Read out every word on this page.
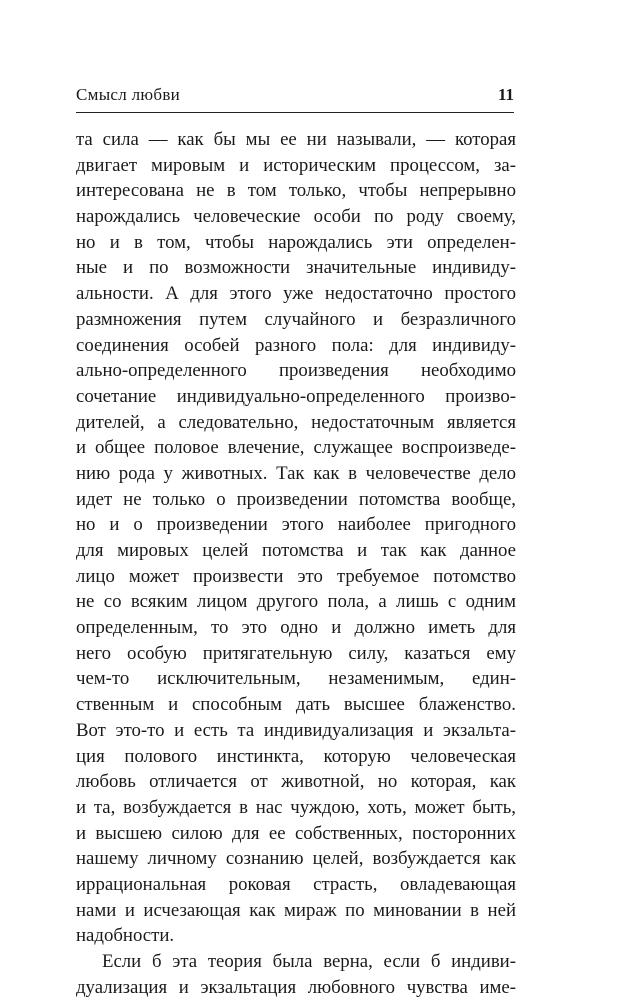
Смысл любви	11
та сила — как бы мы ее ни называли, — которая
двигает мировым и историческим процессом, за-
интересована не в том только, чтобы непрерывно
нарождались человеческие особи по роду своему,
но и в том, чтобы нарождались эти определен-
ные и по возможности значительные индивиду-
альности. А для этого уже недостаточно простого
размножения путем случайного и безразличного
соединения особей разного пола: для индивиду-
ально-определенного произведения необходимо
сочетание индивидуально-определенного произво-
дителей, а следовательно, недостаточным является
и общее половое влечение, служащее воспроизведе-
нию рода у животных. Так как в человечестве дело
идет не только о произведении потомства вообще,
но и о произведении этого наиболее пригодного
для мировых целей потомства и так как данное
лицо может произвести это требуемое потомство
не со всяким лицом другого пола, а лишь с одним
определенным, то это одно и должно иметь для
него особую притягательную силу, казаться ему
чем-то исключительным, незаменимым, един-
ственным и способным дать высшее блаженство.
Вот это-то и есть та индивидуализация и экзальта-
ция полового инстинкта, которую человеческая
любовь отличается от животной, но которая, как
и та, возбуждается в нас чуждою, хоть, может быть,
и высшею силою для ее собственных, посторонних
нашему личному сознанию целей, возбуждается как
иррациональная роковая страсть, овладевающая
нами и исчезающая как мираж по миновании в ней
надобности.
Если б эта теория была верна, если б индиви-
дуализация и экзальтация любовного чувства име-
